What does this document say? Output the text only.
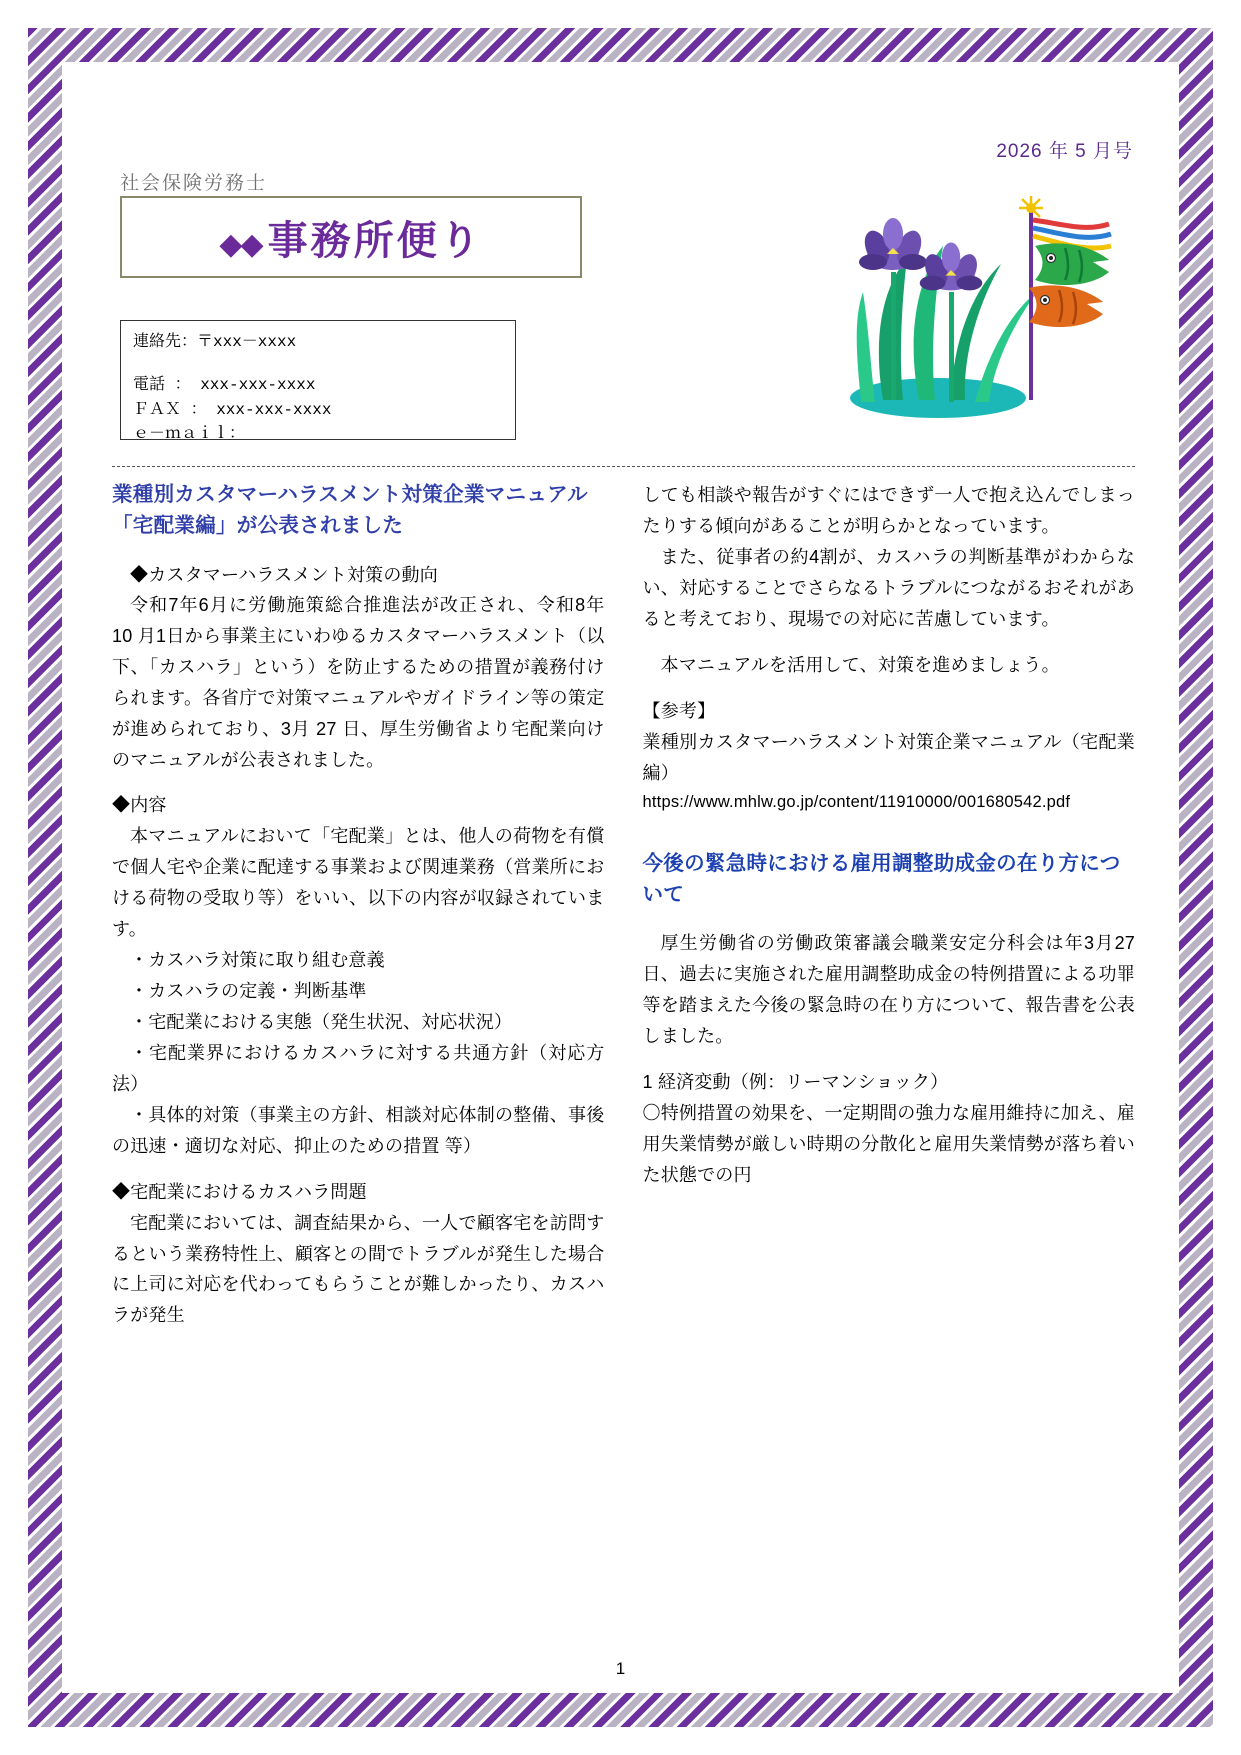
2026 年 5 月号
社会保険労務士
◆◆ 事務所便り
連絡先：〒xxx－xxxx
電話 ： xxx-xxx-xxxx
ＦＡＸ ： xxx-xxx-xxxx
ｅ－ｍａｉｌ：
業種別カスタマーハラスメント対策企業マニュアル「宅配業編」が公表されました

◆カスタマーハラスメント対策の動向

令和7年6月に労働施策総合推進法が改正され、令和8年 10 月1日から事業主にいわゆるカスタマーハラスメント（以下、「カスハラ」という）を防止するための措置が義務付けられます。各省庁で対策マニュアルやガイドライン等の策定が進められており、3月 27 日、厚生労働省より宅配業向けのマニュアルが公表されました。

◆内容

本マニュアルにおいて「宅配業」とは、他人の荷物を有償で個人宅や企業に配達する事業および関連業務（営業所における荷物の受取り等）をいい、以下の内容が収録されています。

・カスハラ対策に取り組む意義

・カスハラの定義・判断基準

・宅配業における実態（発生状況、対応状況）

・宅配業界におけるカスハラに対する共通方針（対応方法）

・具体的対策（事業主の方針、相談対応体制の整備、事後の迅速・適切な対応、抑止のための措置 等）

◆宅配業におけるカスハラ問題

宅配業においては、調査結果から、一人で顧客宅を訪問するという業務特性上、顧客との間でトラブルが発生した場合に上司に対応を代わってもらうことが難しかったり、カスハラが発生

しても相談や報告がすぐにはできず一人で抱え込んでしまったりする傾向があることが明らかとなっています。

また、従事者の約4割が、カスハラの判断基準がわからない、対応することでさらなるトラブルにつながるおそれがあると考えており、現場での対応に苦慮しています。

本マニュアルを活用して、対策を進めましょう。

【参考】

業種別カスタマーハラスメント対策企業マニュアル（宅配業編）

https://www.mhlw.go.jp/content/11910000/001680542.pdf

今後の緊急時における雇用調整助成金の在り方について

厚生労働省の労働政策審議会職業安定分科会は年3月27日、過去に実施された雇用調整助成金の特例措置による功罪等を踏まえた今後の緊急時の在り方について、報告書を公表しました。

1 経済変動（例：リーマンショック）

〇特例措置の効果を、一定期間の強力な雇用維持に加え、雇用失業情勢が厳しい時期の分散化と雇用失業情勢が落ち着いた状態での円

1
